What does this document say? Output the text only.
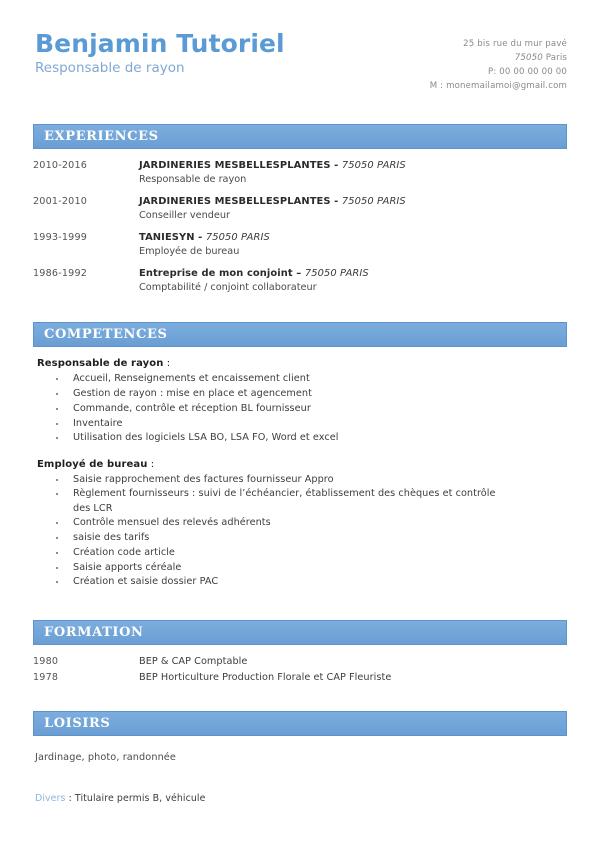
Benjamin Tutoriel
Responsable de rayon
25 bis rue du mur pavé
75050 Paris
P: 00 00 00 00 00
M : monemailamoi@gmail.com
EXPERIENCES
2010-2016	JARDINERIES MESBELLESPLANTES - 75050 PARIS
Responsable de rayon
2001-2010	JARDINERIES MESBELLESPLANTES - 75050 PARIS
Conseiller vendeur
1993-1999	TANIESYN - 75050 PARIS
Employée de bureau
1986-1992	Entreprise de mon conjoint – 75050 PARIS
Comptabilité / conjoint collaborateur
COMPETENCES
Responsable de rayon :
Accueil, Renseignements et encaissement client
Gestion de rayon : mise en place et agencement
Commande, contrôle et réception BL fournisseur
Inventaire
Utilisation des logiciels LSA BO, LSA FO, Word et excel
Employé de bureau :
Saisie rapprochement des factures fournisseur Appro
Règlement fournisseurs : suivi de l’échéancier, établissement des chèques et contrôle
des LCR
Contrôle mensuel des relevés adhérents
saisie des tarifs
Création code article
Saisie apports céréale
Création et saisie dossier PAC
FORMATION
1980	BEP & CAP Comptable
1978	BEP Horticulture Production Florale et CAP Fleuriste
LOISIRS
Jardinage, photo, randonnée
Divers : Titulaire permis B, véhicule
